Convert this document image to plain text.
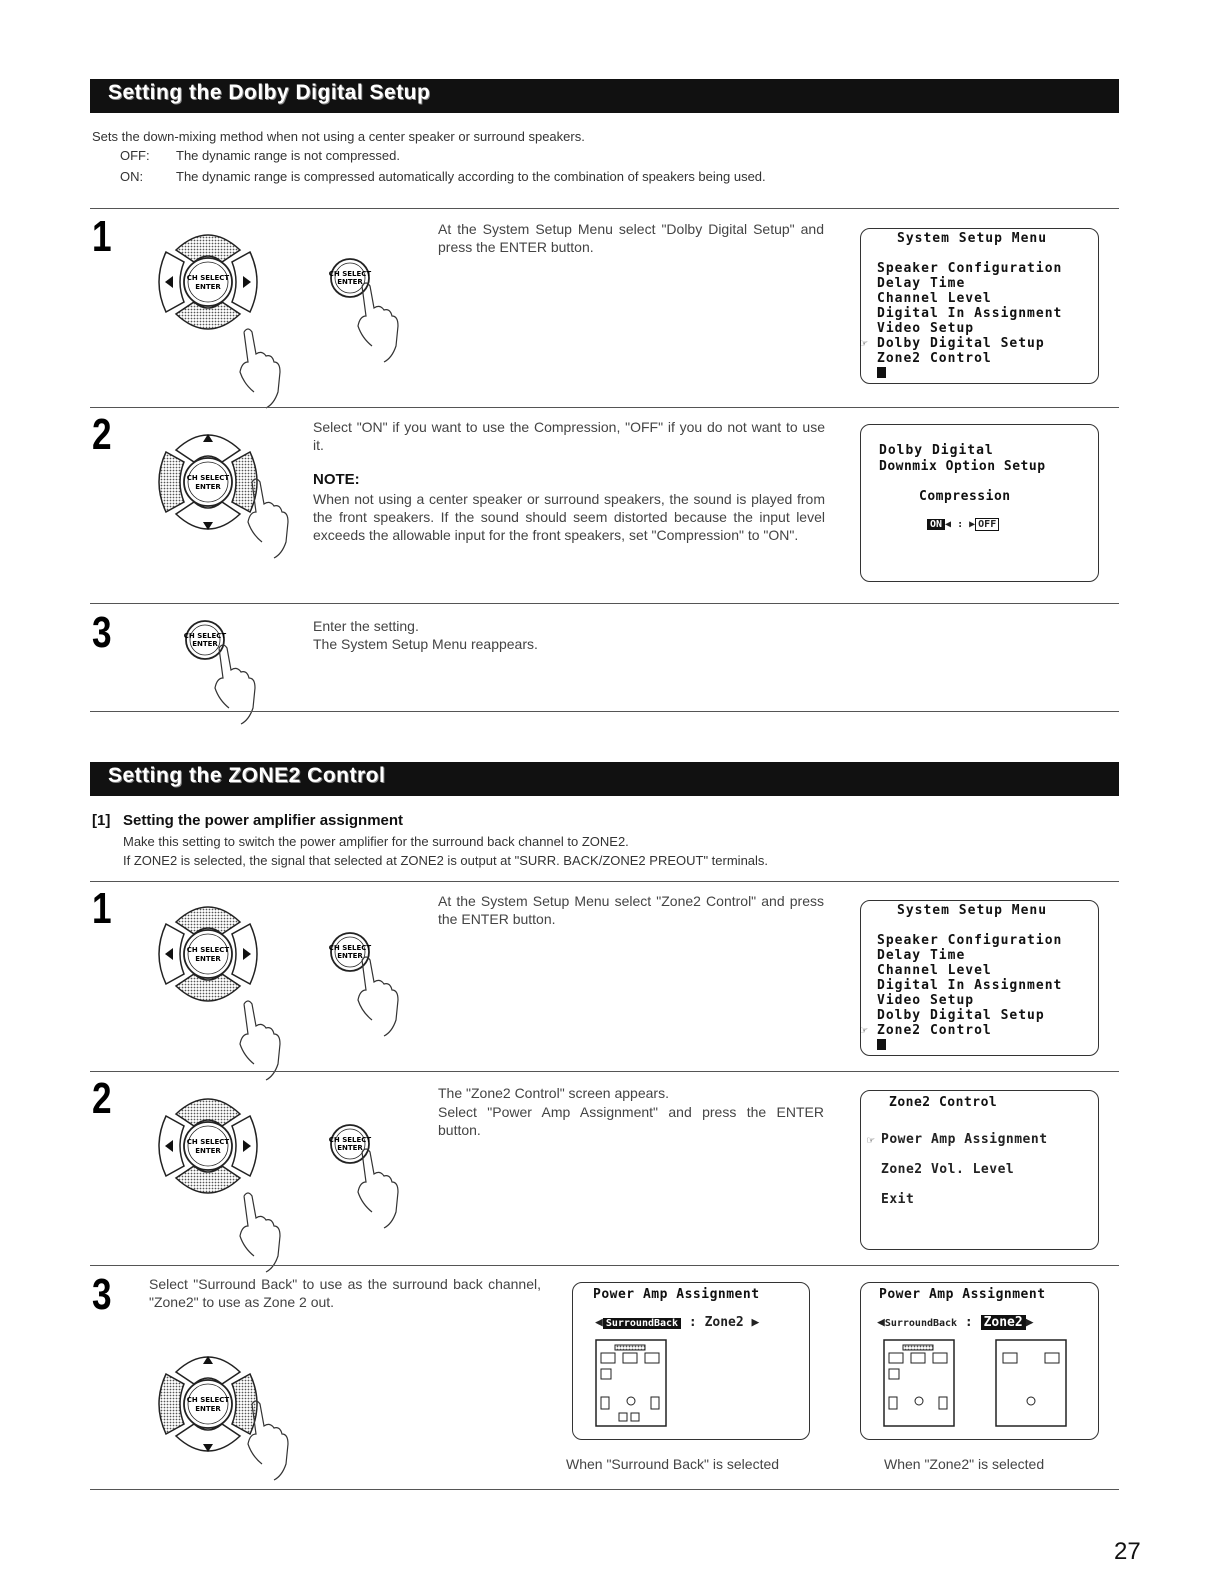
Setting the Dolby Digital Setup
Sets the down-mixing method when not using a center speaker or surround speakers.
OFF: The dynamic range is not compressed.
ON:	The dynamic range is compressed automatically according to the combination of speakers being used.
1
CH SELECT
ENTER
CH SELECT
ENTER
At the System Setup Menu select "Dolby Digital Setup" and press the ENTER button.
System Setup Menu
Speaker Configuration
Delay Time
Channel Level
Digital In Assignment
Video Setup
☞ Dolby Digital Setup
Zone2 Control
2
CH SELECT
ENTER
Select "ON" if you want to use the Compression, "OFF" if you do not want to use it.
NOTE:
When not using a center speaker or surround speakers, the sound is played from the front speakers. If the sound should seem distorted because the input level exceeds the allowable input for the front speakers, set "Compression" to "ON".
Dolby Digital
Downmix Option Setup
Compression
ON ◀ : ▶ OFF
3	CH SELECT
ENTER
Enter the setting.
The System Setup Menu reappears.
Setting the ZONE2 Control
[1] Setting the power amplifier assignment
Make this setting to switch the power amplifier for the surround back channel to ZONE2.
If ZONE2 is selected, the signal that selected at ZONE2 is output at "SURR. BACK/ZONE2 PREOUT" terminals.
1
CH SELECT
ENTER
CH SELECT
ENTER
At the System Setup Menu select "Zone2 Control" and press the ENTER button.
System Setup Menu
Speaker Configuration
Delay Time
Channel Level
Digital In Assignment
Video Setup
Dolby Digital Setup
☞ Zone2 Control
2
CH SELECT
ENTER
CH SELECT
ENTER
The "Zone2 Control" screen appears.
Select "Power Amp Assignment" and press the ENTER button.
Zone2 Control
☞ Power Amp Assignment
Zone2 Vol. Level
Exit
3	Select "Surround Back" to use as the surround back channel, "Zone2" to use as Zone 2 out.
CH SELECT
ENTER
Power Amp Assignment
◀ SurroundBack : Zone2 ▶
When "Surround Back" is selected
Power Amp Assignment
◀SurroundBack : Zone2 ▶
When "Zone2" is selected
27
